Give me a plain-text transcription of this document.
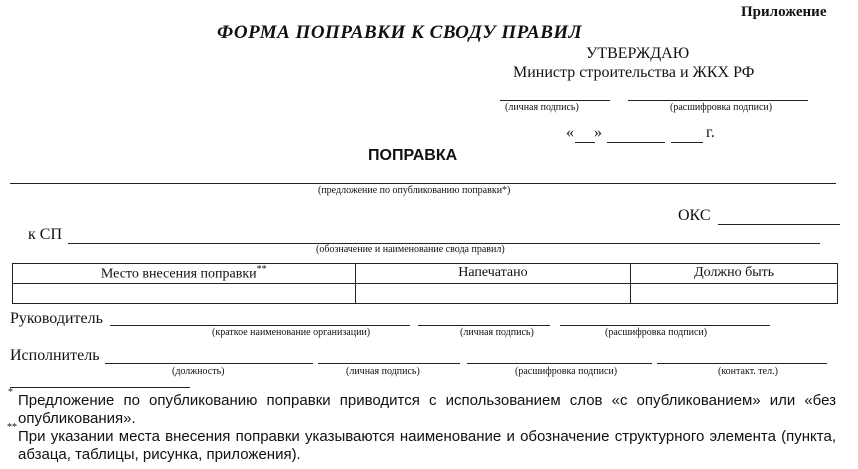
Приложение
ФОРМА ПОПРАВКИ К СВОДУ ПРАВИЛ
УТВЕРЖДАЮ
Министр строительства и ЖКХ РФ
(личная подпись)	(расшифровка подписи)
« »	г.
ПОПРАВКА
(предложение по опубликованию поправки*)
ОКС
к СП
(обозначение и наименование свода правил)
Место внесения поправки**	Напечатано	Должно быть

Руководитель
(краткое наименование организации)	(личная подпись)	(расшифровка подписи)
Исполнитель
(должность)	(личная подпись)	(расшифровка подписи)	(контакт. тел.)
* Предложение по опубликованию поправки приводится с использованием слов «с опубликованием» или «без опубликования».
**
При указании места внесения поправки указываются наименование и обозначение структурного элемента (пункта, абзаца, таблицы, рисунка, приложения).
